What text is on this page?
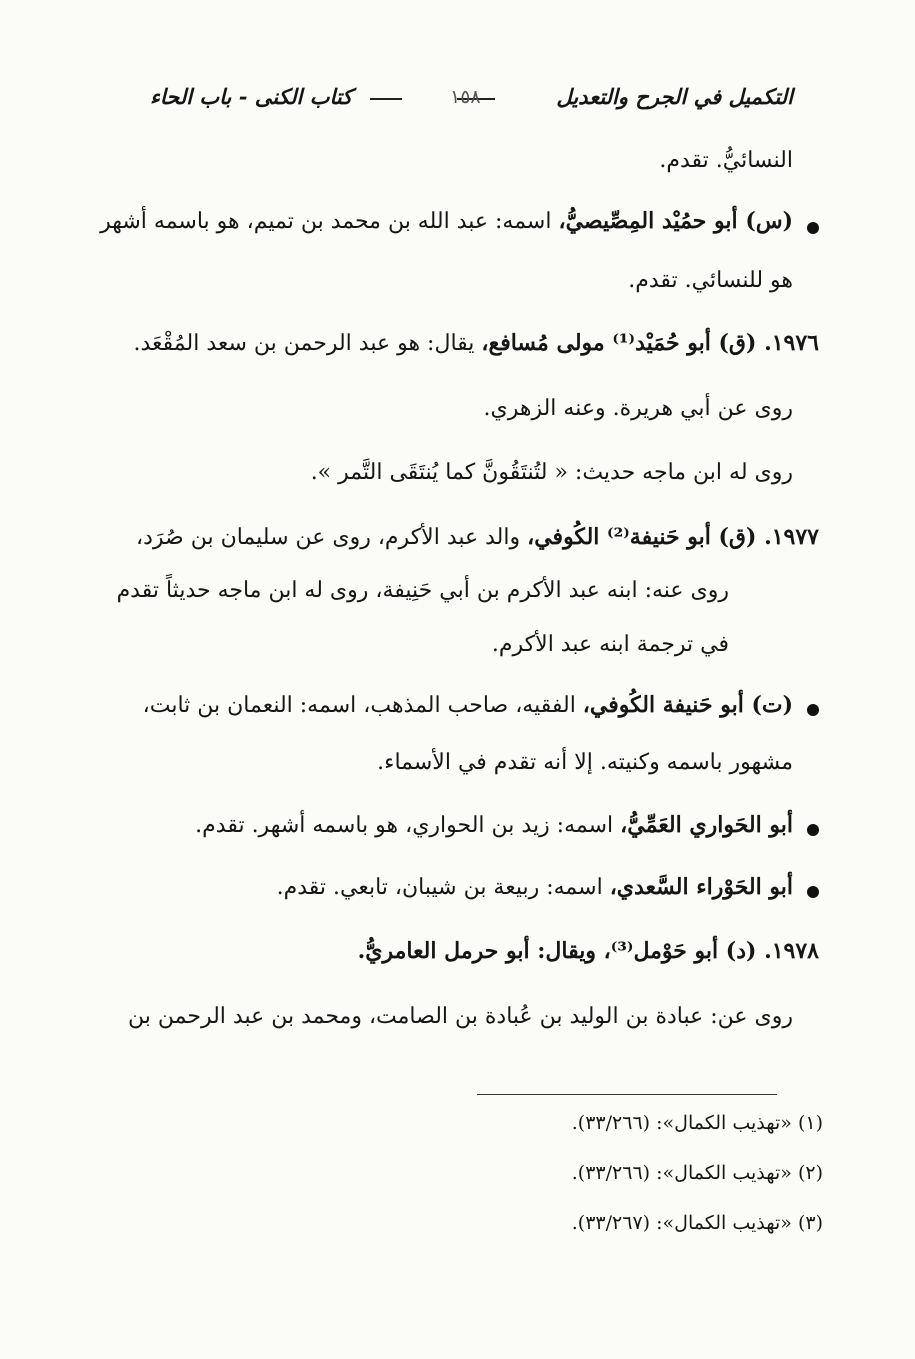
التكميل في الجرح والتعديل
١٥٨
كتاب الكنى - باب الحاء
النسائيُّ. تقدم.
(س) أبو حمُيْد المِصِّيصيُّ، اسمه: عبد الله بن محمد بن تميم، هو باسمه أشهر
هو للنسائي. تقدم.
١٩٧٦. (ق) أبو حُمَيْد⁽¹⁾ مولى مُسافع، يقال: هو عبد الرحمن بن سعد المُقْعَد.
روى عن أبي هريرة. وعنه الزهري.
روى له ابن ماجه حديث: « لتُنتَقُونَّ كما يُنتَقَى التَّمر ».
١٩٧٧. (ق) أبو حَنيفة⁽²⁾ الكُوفي، والد عبد الأكرم، روى عن سليمان بن صُرَد،
روى عنه: ابنه عبد الأكرم بن أبي حَنِيفة، روى له ابن ماجه حديثاً تقدم
في ترجمة ابنه عبد الأكرم.
(ت) أبو حَنيفة الكُوفي، الفقيه، صاحب المذهب، اسمه: النعمان بن ثابت،
مشهور باسمه وكنيته. إلا أنه تقدم في الأسماء.
أبو الحَواري العَمِّيُّ، اسمه: زيد بن الحواري، هو باسمه أشهر. تقدم.
أبو الحَوْراء السَّعدي، اسمه: ربيعة بن شيبان، تابعي. تقدم.
١٩٧٨. (د) أبو حَوْمل⁽³⁾، ويقال: أبو حرمل العامريُّ.
روى عن: عبادة بن الوليد بن عُبادة بن الصامت، ومحمد بن عبد الرحمن بن
(١) «تهذيب الكمال»: (٣٣/٢٦٦).
(٢) «تهذيب الكمال»: (٣٣/٢٦٦).
(٣) «تهذيب الكمال»: (٣٣/٢٦٧).
